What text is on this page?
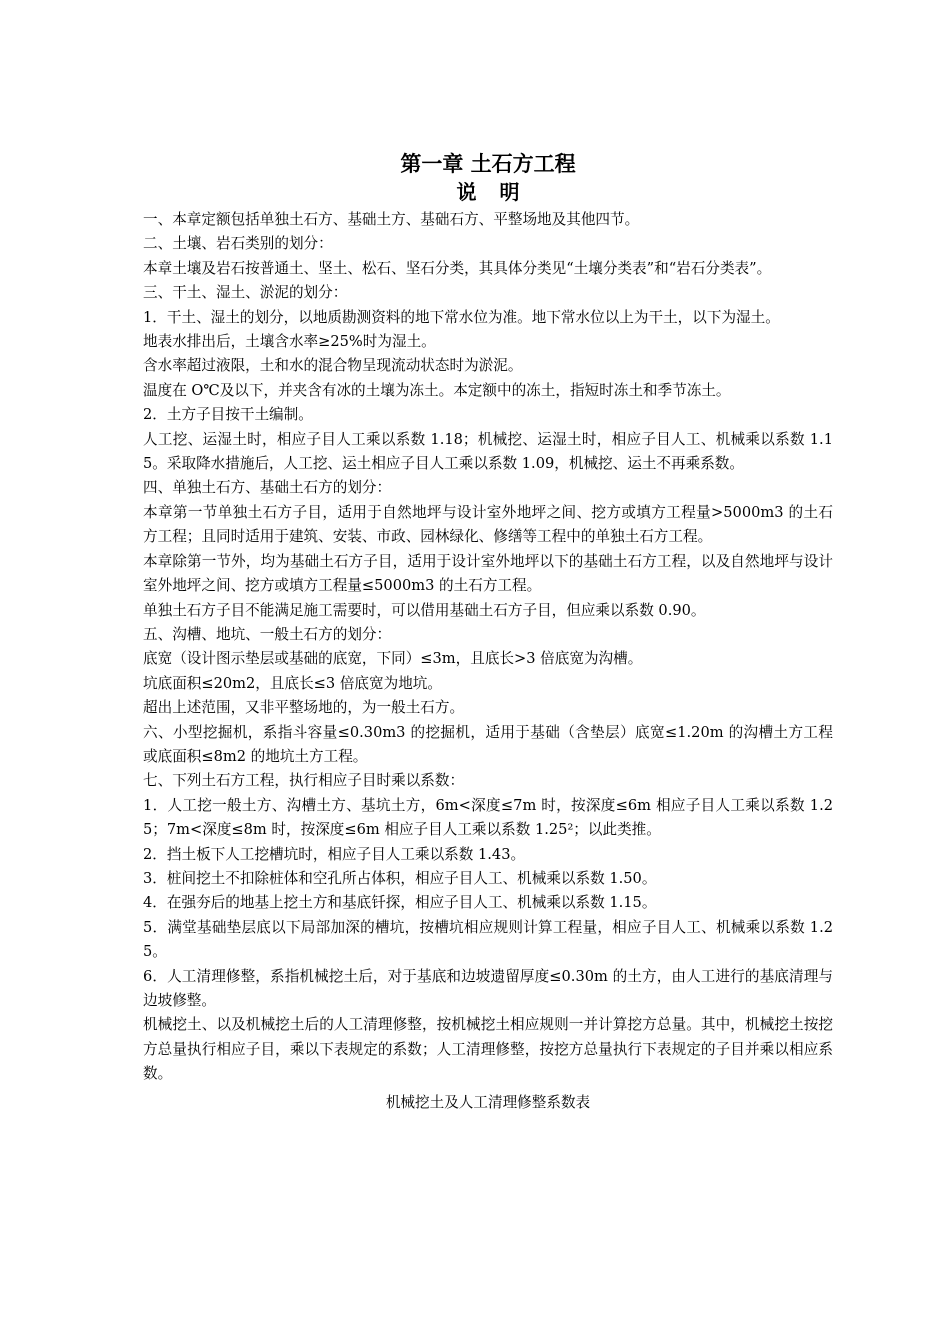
第一章 土石方工程
说 明

一、本章定额包括单独土石方、基础土方、基础石方、平整场地及其他四节。

二、土壤、岩石类别的划分：

本章土壤及岩石按普通土、坚土、松石、坚石分类，其具体分类见“土壤分类表”和“岩石分类表”。

三、干土、湿土、淤泥的划分：

1．干土、湿土的划分，以地质勘测资料的地下常水位为准。地下常水位以上为干土，以下为湿土。

地表水排出后，土壤含水率≥25%时为湿土。

含水率超过液限，土和水的混合物呈现流动状态时为淤泥。

温度在 O℃及以下，并夹含有冰的土壤为冻土。本定额中的冻土，指短时冻土和季节冻土。

2．土方子目按干土编制。

人工挖、运湿土时，相应子目人工乘以系数 1.18；机械挖、运湿土时，相应子目人工、机械乘以系数 1.15。采取降水措施后，人工挖、运土相应子目人工乘以系数 1.09，机械挖、运土不再乘系数。

四、单独土石方、基础土石方的划分：

本章第一节单独土石方子目，适用于自然地坪与设计室外地坪之间、挖方或填方工程量>5000m3 的土石方工程；且同时适用于建筑、安装、市政、园林绿化、修缮等工程中的单独土石方工程。

本章除第一节外，均为基础土石方子目，适用于设计室外地坪以下的基础土石方工程，以及自然地坪与设计室外地坪之间、挖方或填方工程量≤5000m3 的土石方工程。

单独土石方子目不能满足施工需要时，可以借用基础土石方子目，但应乘以系数 0.90。

五、沟槽、地坑、一般土石方的划分：

底宽（设计图示垫层或基础的底宽，下同）≤3m，且底长>3 倍底宽为沟槽。

坑底面积≤20m2，且底长≤3 倍底宽为地坑。

超出上述范围，又非平整场地的，为一般土石方。

六、小型挖掘机，系指斗容量≤0.30m3 的挖掘机，适用于基础（含垫层）底宽≤1.20m 的沟槽土方工程或底面积≤8m2 的地坑土方工程。

七、下列土石方工程，执行相应子目时乘以系数：

1．人工挖一般土方、沟槽土方、基坑土方，6m<深度≤7m 时，按深度≤6m 相应子目人工乘以系数 1.25；7m<深度≤8m 时，按深度≤6m 相应子目人工乘以系数 1.25²；以此类推。

2．挡土板下人工挖槽坑时，相应子目人工乘以系数 1.43。

3．桩间挖土不扣除桩体和空孔所占体积，相应子目人工、机械乘以系数 1.50。

4．在强夯后的地基上挖土方和基底钎探，相应子目人工、机械乘以系数 1.15。

5．满堂基础垫层底以下局部加深的槽坑，按槽坑相应规则计算工程量，相应子目人工、机械乘以系数 1.25。

6．人工清理修整，系指机械挖土后，对于基底和边坡遗留厚度≤0.30m 的土方，由人工进行的基底清理与边坡修整。

机械挖土、以及机械挖土后的人工清理修整，按机械挖土相应规则一并计算挖方总量。其中，机械挖土按挖方总量执行相应子目，乘以下表规定的系数；人工清理修整，按挖方总量执行下表规定的子目并乘以相应系数。

机械挖土及人工清理修整系数表
